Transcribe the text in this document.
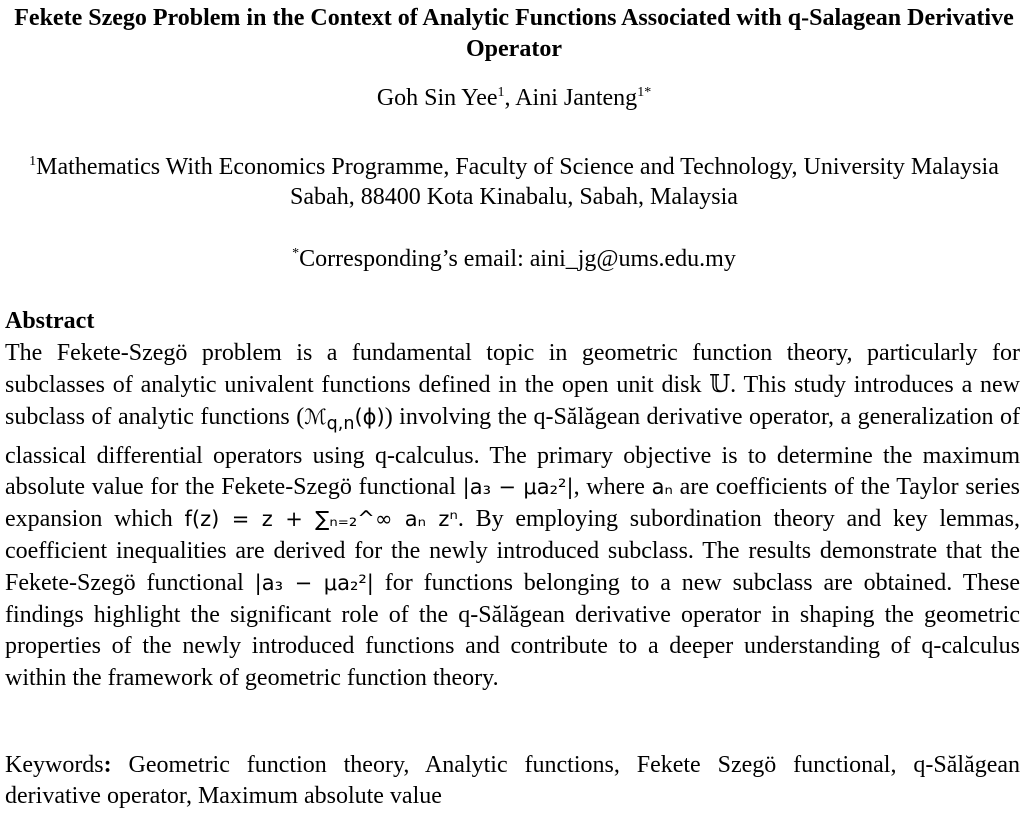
Fekete Szego Problem in the Context of Analytic Functions Associated with q-Salagean Derivative Operator
Goh Sin Yee$^1$, Aini Janteng$^{1*}$
$^1$Mathematics With Economics Programme, Faculty of Science and Technology, University Malaysia Sabah, 88400 Kota Kinabalu, Sabah, Malaysia
*Corresponding’s email: aini_jg@ums.edu.my
Abstract
The Fekete-Szegö problem is a fundamental topic in geometric function theory, particularly for subclasses of analytic univalent functions defined in the open unit disk 𝕌. This study introduces a new subclass of analytic functions (ℳ$_{q,n}$(ϕ)) involving the q-Sălăgean derivative operator, a generalization of classical differential operators using q-calculus. The primary objective is to determine the maximum absolute value for the Fekete-Szegö functional |a₃ − μa₂²|, where aₙ are coefficients of the Taylor series expansion which f(z) = z + ∑ₙ₌₂^∞ aₙ zⁿ. By employing subordination theory and key lemmas, coefficient inequalities are derived for the newly introduced subclass. The results demonstrate that the Fekete-Szegö functional |a₃ − μa₂²| for functions belonging to a new subclass are obtained. These findings highlight the significant role of the q-Sălăgean derivative operator in shaping the geometric properties of the newly introduced functions and contribute to a deeper understanding of q-calculus within the framework of geometric function theory.
Keywords: Geometric function theory, Analytic functions, Fekete Szegö functional, q-Sălăgean derivative operator, Maximum absolute value
